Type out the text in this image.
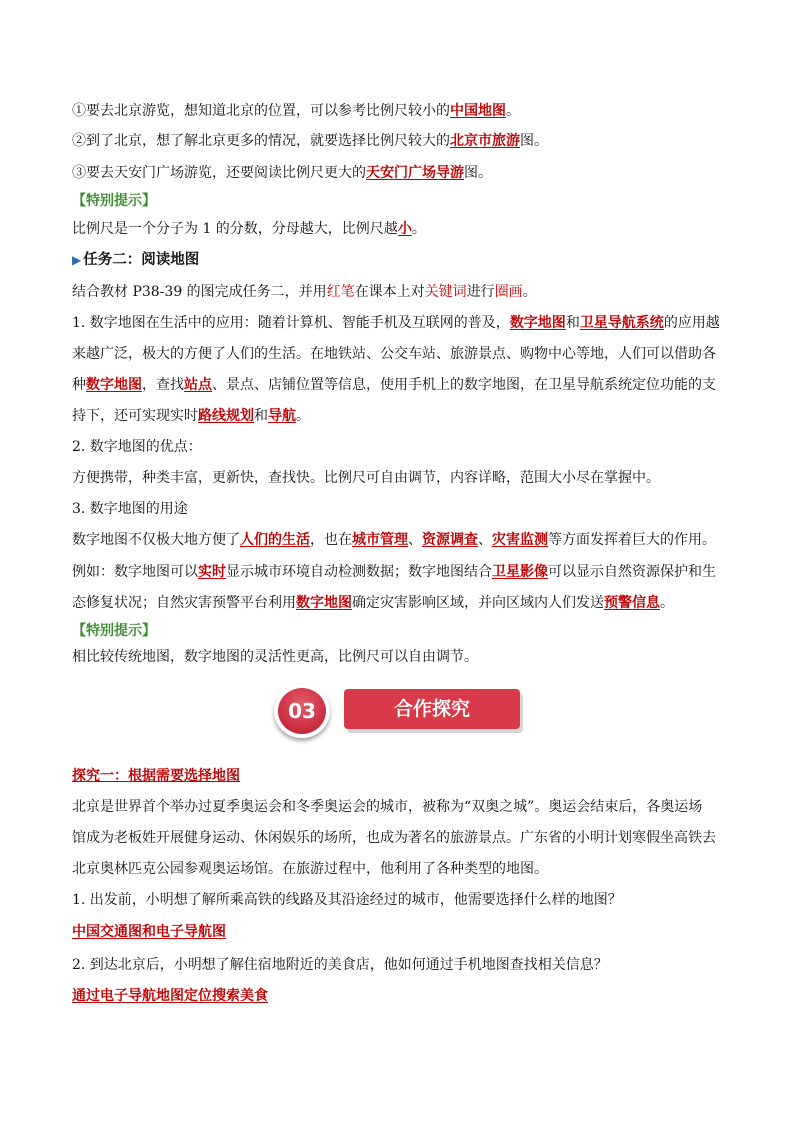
①要去北京游览，想知道北京的位置，可以参考比例尺较小的中国地图。

②到了北京，想了解北京更多的情况，就要选择比例尺较大的北京市旅游图。

③要去天安门广场游览，还要阅读比例尺更大的天安门广场导游图。

【特别提示】

比例尺是一个分子为 1 的分数，分母越大，比例尺越小。

▶ 任务二：阅读地图

结合教材 P38-39 的图完成任务二，并用红笔在课本上对关键词进行圈画。

1. 数字地图在生活中的应用：随着计算机、智能手机及互联网的普及，数字地图和卫星导航系统的应用越

来越广泛，极大的方便了人们的生活。在地铁站、公交车站、旅游景点、购物中心等地，人们可以借助各

种数字地图，查找站点、景点、店铺位置等信息，使用手机上的数字地图，在卫星导航系统定位功能的支

持下，还可实现实时路线规划和导航。

2. 数字地图的优点：

方便携带，种类丰富，更新快，查找快。比例尺可自由调节，内容详略，范围大小尽在掌握中。

3. 数字地图的用途

数字地图不仅极大地方便了人们的生活，也在城市管理、资源调查、灾害监测等方面发挥着巨大的作用。

例如：数字地图可以实时显示城市环境自动检测数据；数字地图结合卫星影像可以显示自然资源保护和生

态修复状况；自然灾害预警平台利用数字地图确定灾害影响区域，并向区域内人们发送预警信息。

【特别提示】

相比较传统地图，数字地图的灵活性更高，比例尺可以自由调节。

合作探究
03

探究一：根据需要选择地图

北京是世界首个举办过夏季奥运会和冬季奥运会的城市，被称为“双奥之城”。奥运会结束后，各奥运场

馆成为老板姓开展健身运动、休闲娱乐的场所，也成为著名的旅游景点。广东省的小明计划寒假坐高铁去

北京奥林匹克公园参观奥运场馆。在旅游过程中，他利用了各种类型的地图。

1. 出发前，小明想了解所乘高铁的线路及其沿途经过的城市，他需要选择什么样的地图？

中国交通图和电子导航图

2. 到达北京后，小明想了解住宿地附近的美食店，他如何通过手机地图查找相关信息？

通过电子导航地图定位搜索美食
